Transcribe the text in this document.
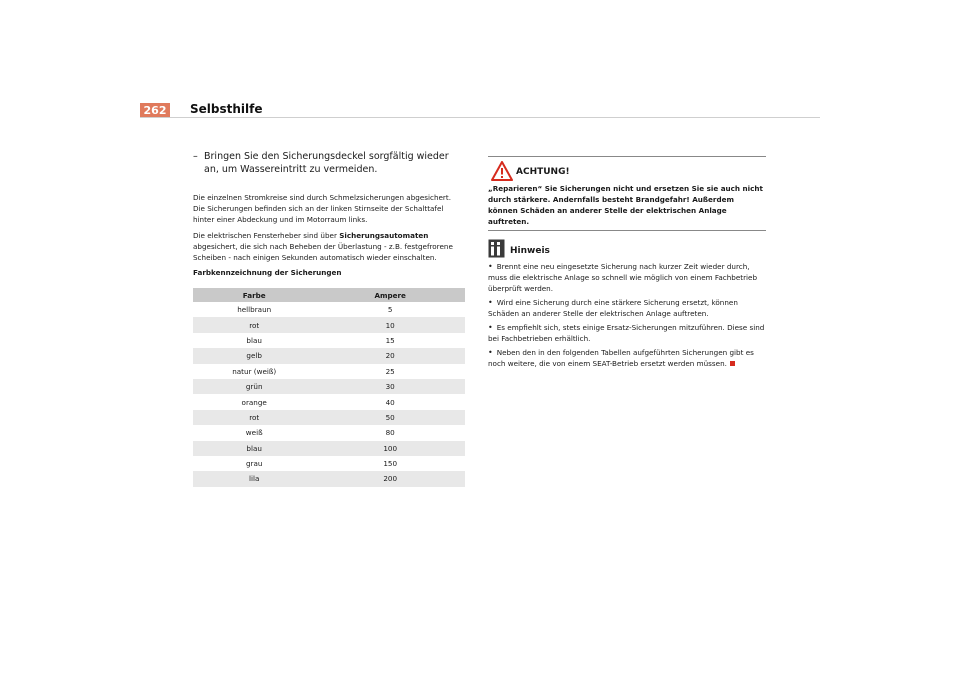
262 Selbsthilfe
– Bringen Sie den Sicherungsdeckel sorgfältig wieder an, um Wassereintritt zu vermeiden.

Die einzelnen Stromkreise sind durch Schmelzsicherungen abgesichert. Die Sicherungen befinden sich an der linken Stirnseite der Schalttafel hinter einer Abdeckung und im Motorraum links.

Die elektrischen Fensterheber sind über Sicherungsautomaten abgesichert, die sich nach Beheben der Überlastung - z.B. festgefrorene Scheiben - nach einigen Sekunden automatisch wieder einschalten.

Farbkennzeichnung der Sicherungen

Farbe	Ampere
hellbraun	5
rot	10
blau	15
gelb	20
natur (weiß)	25
grün	30
orange	40
rot	50
weiß	80
blau	100
grau	150
lila	200
ACHTUNG!
„Reparieren“ Sie Sicherungen nicht und ersetzen Sie sie auch nicht durch stärkere. Andernfalls besteht Brandgefahr! Außerdem können Schäden an anderer Stelle der elektrischen Anlage auftreten.
Hinweis

• Brennt eine neu eingesetzte Sicherung nach kurzer Zeit wieder durch, muss die elektrische Anlage so schnell wie möglich von einem Fachbetrieb überprüft werden.

• Wird eine Sicherung durch eine stärkere Sicherung ersetzt, können Schäden an anderer Stelle der elektrischen Anlage auftreten.

• Es empfiehlt sich, stets einige Ersatz-Sicherungen mitzuführen. Diese sind bei Fachbetrieben erhältlich.

• Neben den in den folgenden Tabellen aufgeführten Sicherungen gibt es noch weitere, die von einem SEAT-Betrieb ersetzt werden müssen.
